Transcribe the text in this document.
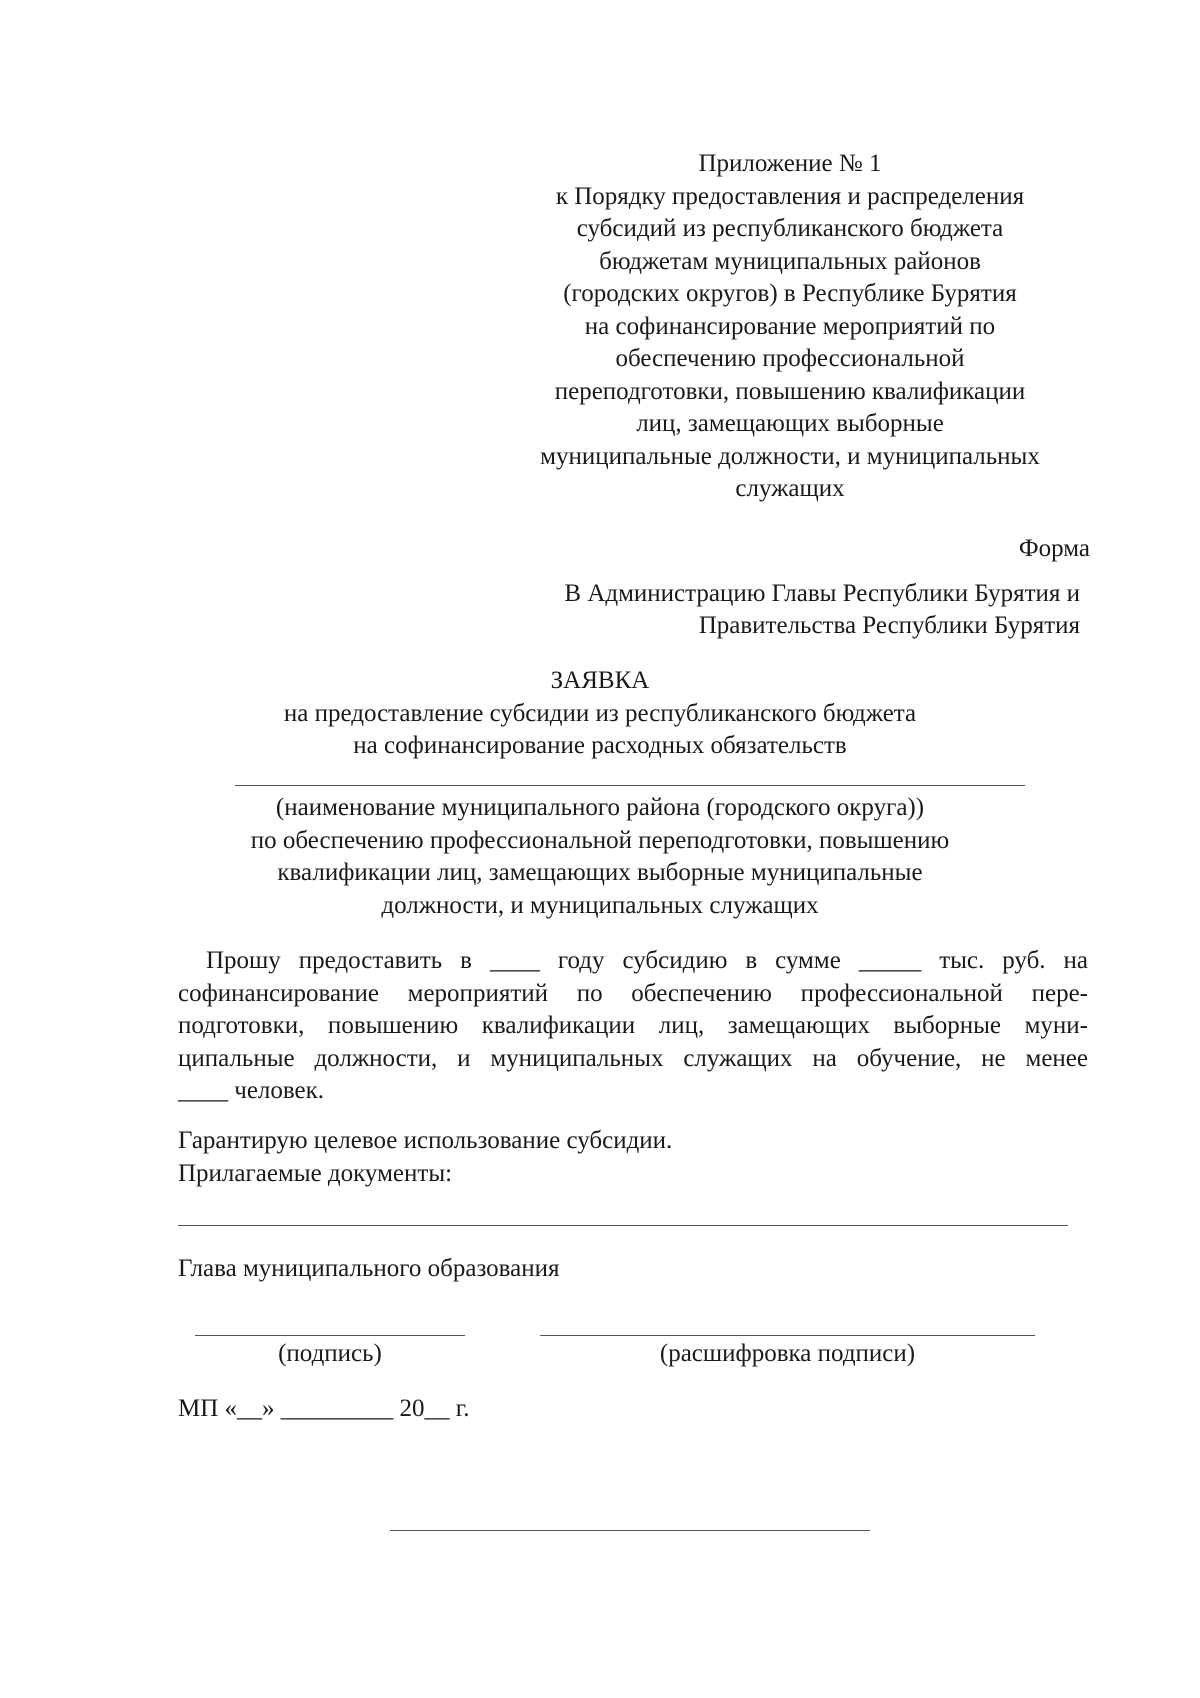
Приложение № 1
к Порядку предоставления и распределения
субсидий из республиканского бюджета
бюджетам муниципальных районов
(городских округов) в Республике Бурятия
на софинансирование мероприятий по
обеспечению профессиональной
переподготовки, повышению квалификации
лиц, замещающих выборные
муниципальные должности, и муниципальных
служащих
Форма
В Администрацию Главы Республики Бурятия и
Правительства Республики Бурятия
ЗАЯВКА
на предоставление субсидии из республиканского бюджета
на софинансирование расходных обязательств
(наименование муниципального района (городского округа))
по обеспечению профессиональной переподготовки, повышению
квалификации лиц, замещающих выборные муниципальные
должности, и муниципальных служащих
Прошу предоставить в ____ году субсидию в сумме _____ тыс. руб. на
софинансирование мероприятий по обеспечению профессиональной пере-
подготовки, повышению квалификации лиц, замещающих выборные муни-
ципальные должности, и муниципальных служащих на обучение, не менее
____ человек.
Гарантирую целевое использование субсидии.
Прилагаемые документы:
Глава муниципального образования
(подпись)	(расшифровка подписи)
МП «__» _________ 20__ г.
